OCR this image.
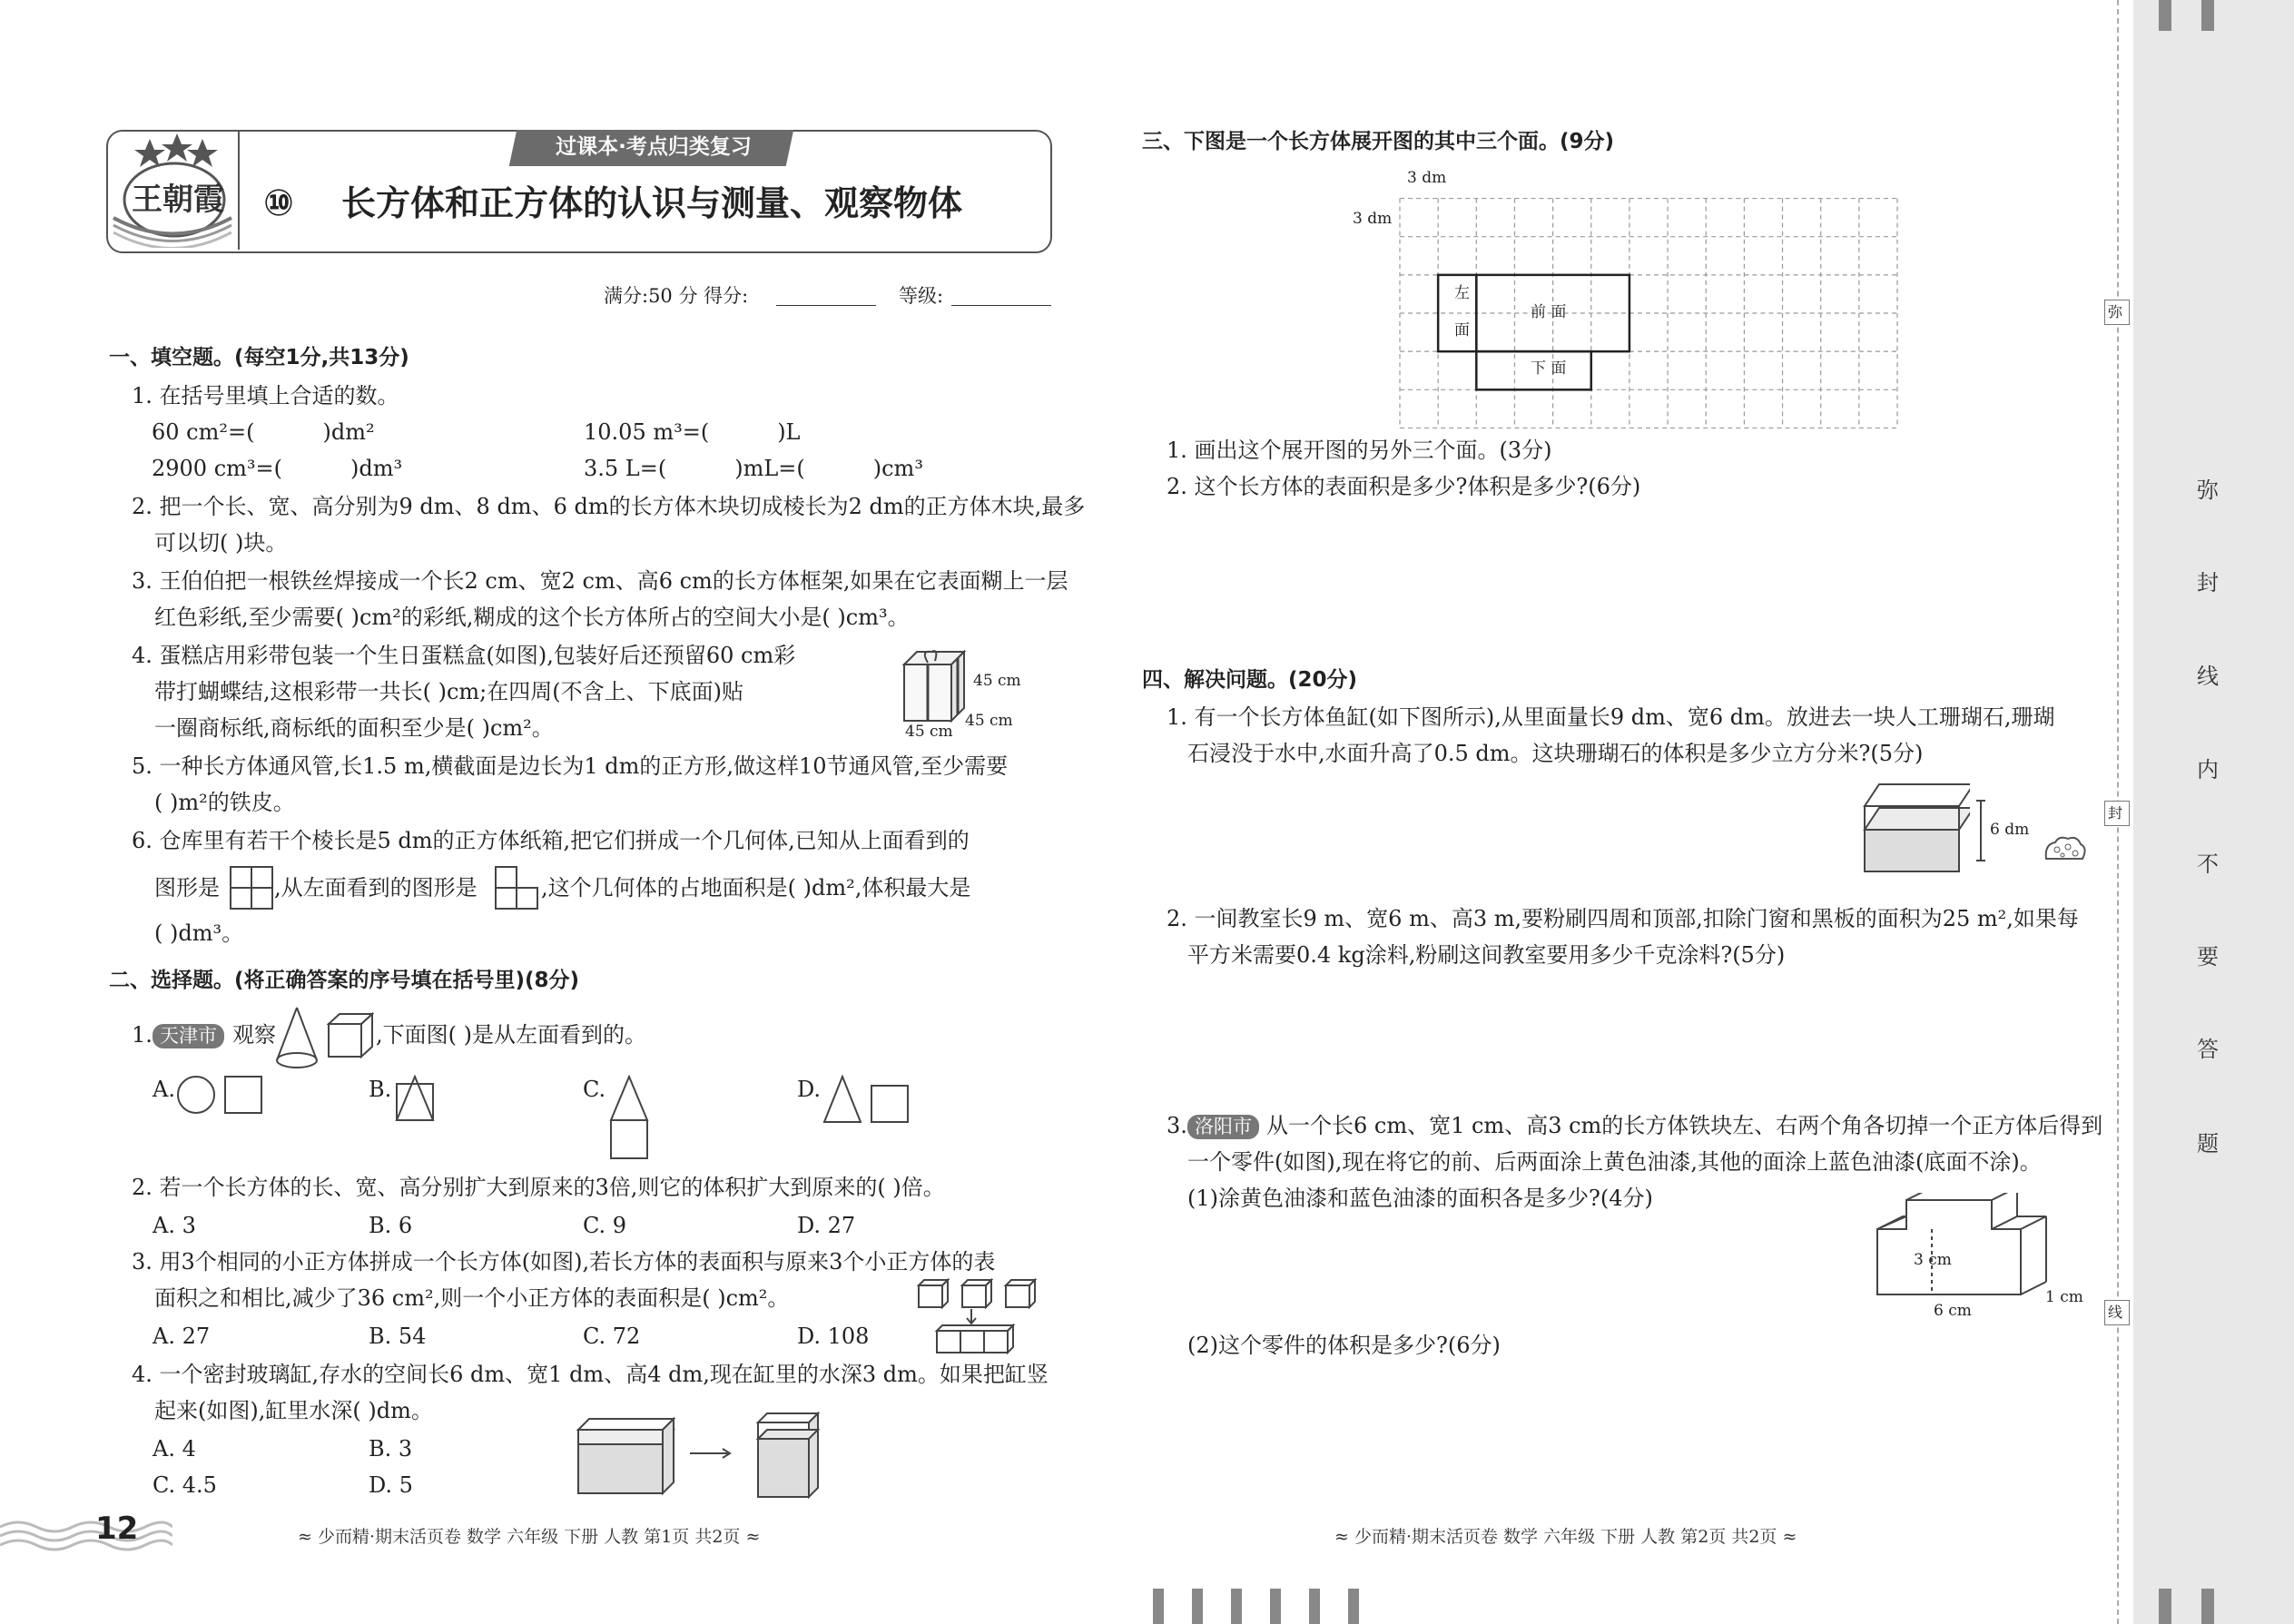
过课本·考点归类复习
王朝霞 ⑩ 长方体和正方体的认识与测量、观察物体
满分:50 分 得分:	等级:
一、填空题。(每空1分,共13分)
1. 在括号里填上合适的数。
60 cm²=(	)dm²	10.05 m³=(	)L
2900 cm³=(	)dm³	3.5 L=(	)mL=(	)cm³
2. 把一个长、宽、高分别为9 dm、8 dm、6 dm的长方体木块切成棱长为2 dm的正方体木块,最多
可以切( )块。
3. 王伯伯把一根铁丝焊接成一个长2 cm、宽2 cm、高6 cm的长方体框架,如果在它表面糊上一层
红色彩纸,至少需要( )cm²的彩纸,糊成的这个长方体所占的空间大小是( )cm³。
4. 蛋糕店用彩带包装一个生日蛋糕盒(如图),包装好后还预留60 cm彩
带打蝴蝶结,这根彩带一共长( )cm;在四周(不含上、下底面)贴
一圈商标纸,商标纸的面积至少是( )cm²。
45 cm
45 cm
45 cm
5. 一种长方体通风管,长1.5 m,横截面是边长为1 dm的正方形,做这样10节通风管,至少需要
( )m²的铁皮。
6. 仓库里有若干个棱长是5 dm的正方体纸箱,把它们拼成一个几何体,已知从上面看到的
图形是	,从左面看到的图形是	,这个几何体的占地面积是( )dm²,体积最大是
( )dm³。
二、选择题。(将正确答案的序号填在括号里)(8分)
1. 天津市 观察	,下面图( )是从左面看到的。
A.	B.	C.	D.
2. 若一个长方体的长、宽、高分别扩大到原来的3倍,则它的体积扩大到原来的( )倍。
A. 3	B. 6	C. 9	D. 27
3. 用3个相同的小正方体拼成一个长方体(如图),若长方体的表面积与原来3个小正方体的表
面积之和相比,减少了36 cm²,则一个小正方体的表面积是( )cm²。
A. 27	B. 54	C. 72	D. 108
4. 一个密封玻璃缸,存水的空间长6 dm、宽1 dm、高4 dm,现在缸里的水深3 dm。如果把缸竖
起来(如图),缸里水深( )dm。
A. 4	B. 3
C. 4.5	D. 5
12	≈ 少而精·期末活页卷 数学 六年级 下册 人教 第1页 共2页 ≈
三、下图是一个长方体展开图的其中三个面。(9分)
3 dm
3 dm
左
面
前 面
下 面
1. 画出这个展开图的另外三个面。(3分)
2. 这个长方体的表面积是多少?体积是多少?(6分)
四、解决问题。(20分)
1. 有一个长方体鱼缸(如下图所示),从里面量长9 dm、宽6 dm。放进去一块人工珊瑚石,珊瑚
石浸没于水中,水面升高了0.5 dm。这块珊瑚石的体积是多少立方分米?(5分)
6 dm
2. 一间教室长9 m、宽6 m、高3 m,要粉刷四周和顶部,扣除门窗和黑板的面积为25 m²,如果每
平方米需要0.4 kg涂料,粉刷这间教室要用多少千克涂料?(5分)
3. 洛阳市 从一个长6 cm、宽1 cm、高3 cm的长方体铁块左、右两个角各切掉一个正方体后得到
一个零件(如图),现在将它的前、后两面涂上黄色油漆,其他的面涂上蓝色油漆(底面不涂)。
(1)涂黄色油漆和蓝色油漆的面积各是多少?(4分)
3 cm
6 cm
1 cm
(2)这个零件的体积是多少?(6分)
≈ 少而精·期末活页卷 数学 六年级 下册 人教 第2页 共2页 ≈
弥
封
线
弥
封
线
内
不
要
答
题
